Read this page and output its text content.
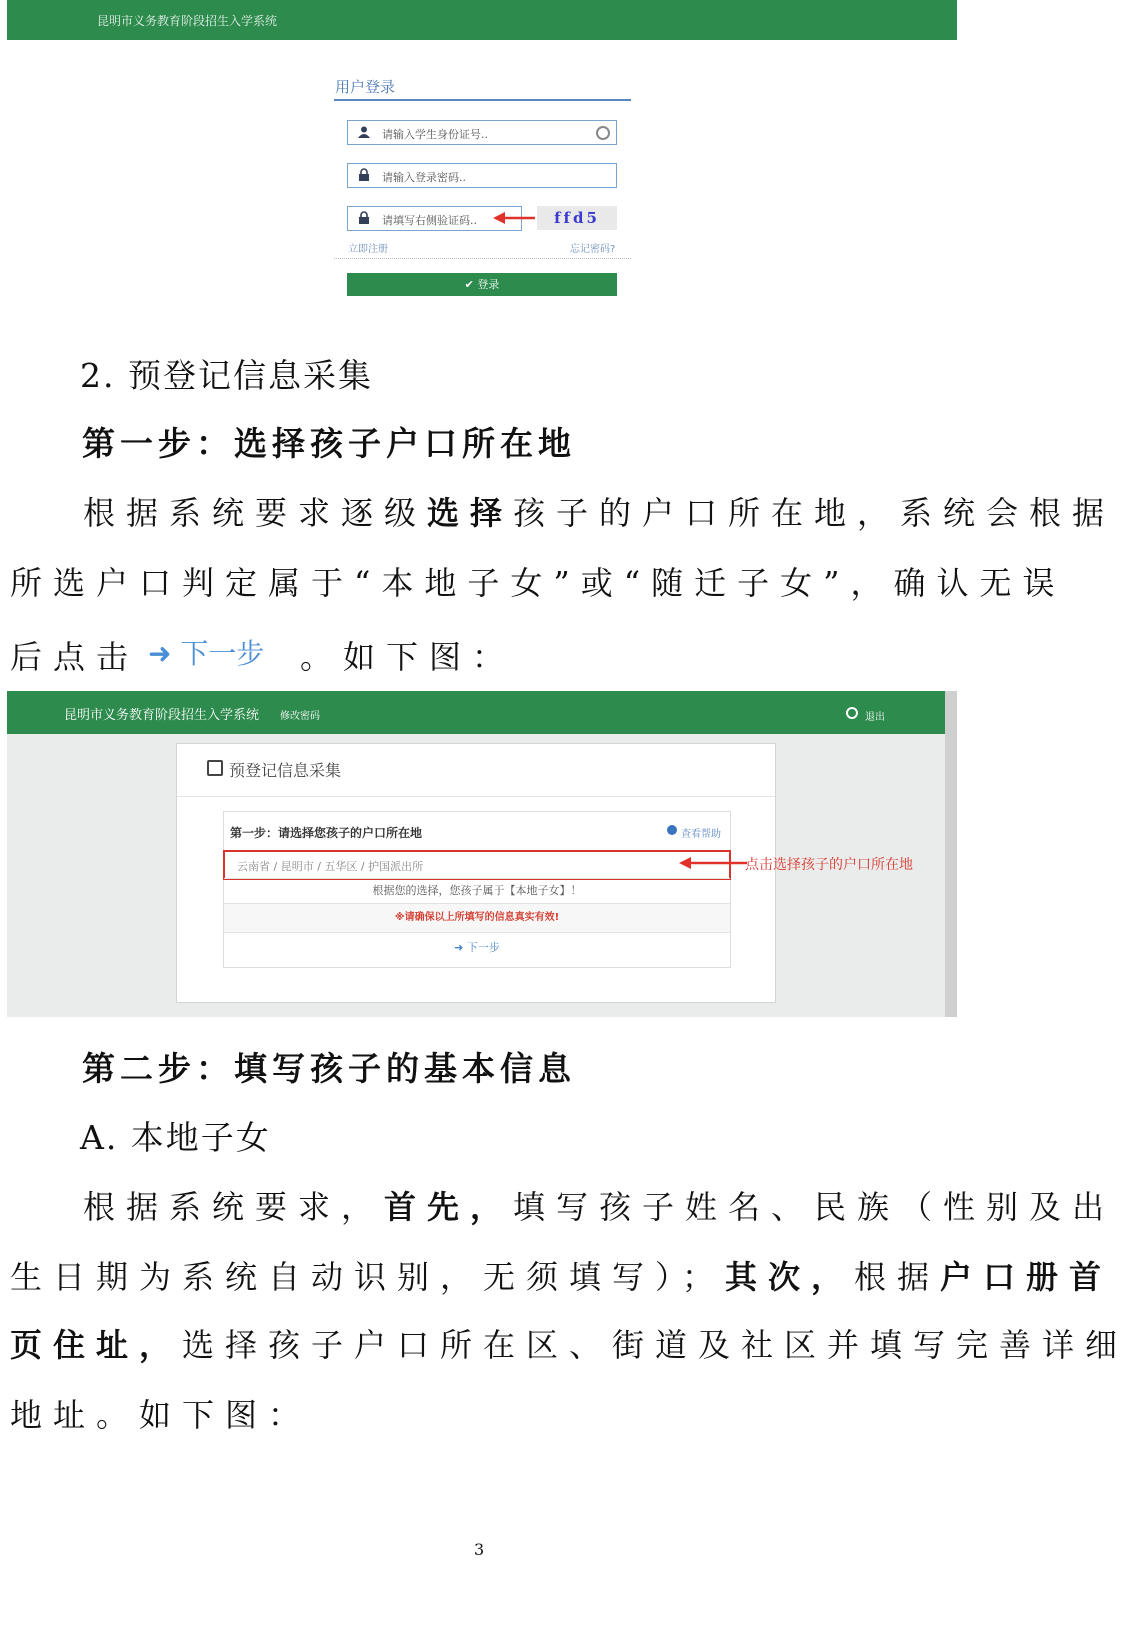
昆明市义务教育阶段招生入学系统
用户登录
请输入学生身份证号..
请输入登录密码..
请填写右侧验证码..	ffd5
立即注册	忘记密码?
✔ 登录
2. 预登记信息采集
第一步：选择孩子户口所在地
根据系统要求逐级选择孩子的户口所在地，系统会根据
所选户口判定属于“本地子女”或“随迁子女”，确认无误
后点击 ➜ 下一步 。如下图：
昆明市义务教育阶段招生入学系统 修改密码	退出
预登记信息采集
第一步：请选择您孩子的户口所在地	查看帮助
云南省 / 昆明市 / 五华区 / 护国派出所
根据您的选择，您孩子属于【本地子女】！
※请确保以上所填写的信息真实有效!
➜ 下一步
点击选择孩子的户口所在地
第二步：填写孩子的基本信息
A. 本地子女
根据系统要求，首先，填写孩子姓名、民族（性别及出
生日期为系统自动识别，无须填写）；其次，根据户口册首
页住址，选择孩子户口所在区、街道及社区并填写完善详细
地址。如下图：
3
